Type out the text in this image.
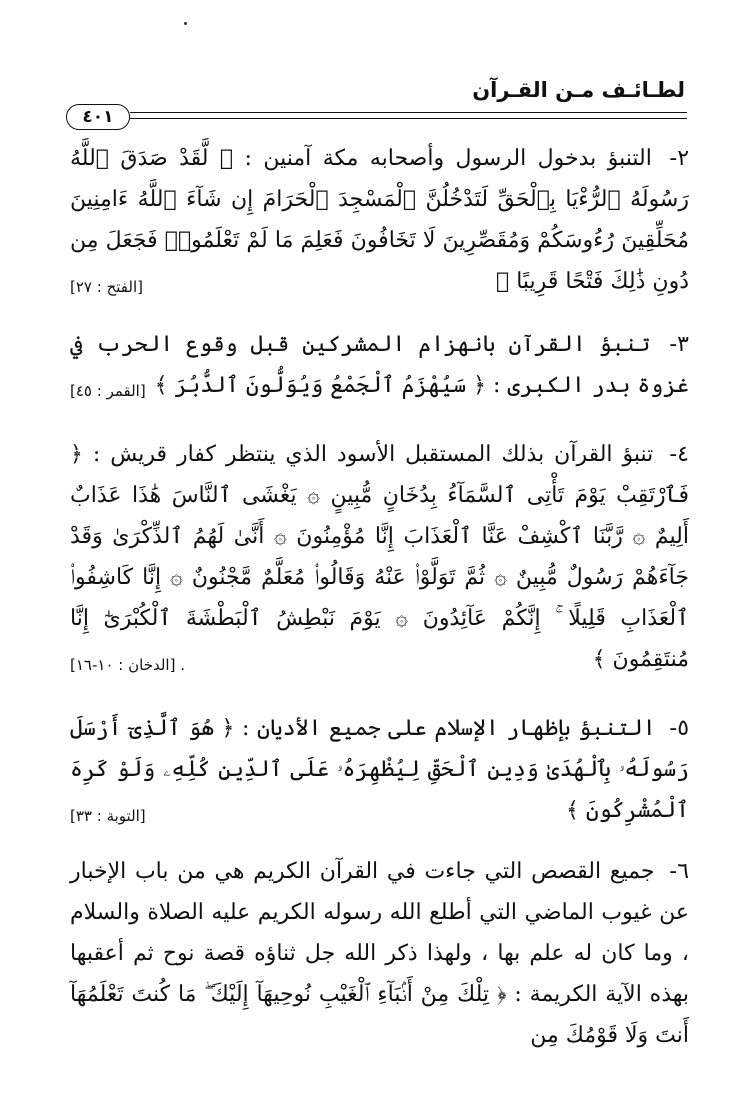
لطـائـف مـن القـرآن
٤٠١

٢- التنبؤ بدخول الرسول وأصحابه مكة آمنين : ﴿ لَّقَدْ صَدَقَ ٱللَّهُ رَسُولَهُ ٱلرُّءْيَا بِٱلْحَقِّ لَتَدْخُلُنَّ ٱلْمَسْجِدَ ٱلْحَرَامَ إِن شَآءَ ٱللَّهُ ءَامِنِينَ مُحَلِّقِينَ رُءُوسَكُمْ وَمُقَصِّرِينَ لَا تَخَافُونَ فَعَلِمَ مَا لَمْ تَعْلَمُوا۟ فَجَعَلَ مِن دُونِ ذَٰلِكَ فَتْحًا قَرِيبًا ﴾
[الفتح : ٢٧]

٣- تنبؤ القرآن بانهزام المشركين قبل وقوع الحرب في غزوة بدر الكبرى : ﴿ سَيُهْزَمُ ٱلْجَمْعُ وَيُوَلُّونَ ٱلدُّبُرَ ﴾
[القمر : ٤٥]

٤- تنبؤ القرآن بذلك المستقبل الأسود الذي ينتظر كفار قريش : ﴿ فَٱرْتَقِبْ يَوْمَ تَأْتِى ٱلسَّمَآءُ بِدُخَانٍ مُّبِينٍ ۞ يَغْشَى ٱلنَّاسَ هَٰذَا عَذَابٌ أَلِيمٌ ۞ رَّبَّنَا ٱكْشِفْ عَنَّا ٱلْعَذَابَ إِنَّا مُؤْمِنُونَ ۞ أَنَّىٰ لَهُمُ ٱلذِّكْرَىٰ وَقَدْ جَآءَهُمْ رَسُولٌ مُّبِينٌ ۞ ثُمَّ تَوَلَّوْا۟ عَنْهُ وَقَالُوا۟ مُعَلَّمٌ مَّجْنُونٌ ۞ إِنَّا كَاشِفُوا۟ ٱلْعَذَابِ قَلِيلًا ۚ إِنَّكُمْ عَآئِدُونَ ۞ يَوْمَ نَبْطِشُ ٱلْبَطْشَةَ ٱلْكُبْرَىٰٓ إِنَّا مُنتَقِمُونَ ﴾
. [الدخان : ١٠-١٦]

٥- التنبؤ بإظهار الإسلام على جميع الأديان : ﴿ هُوَ ٱلَّذِىٓ أَرْسَلَ رَسُولَهُۥ بِٱلْهُدَىٰ وَدِينِ ٱلْحَقِّ لِيُظْهِرَهُۥ عَلَى ٱلدِّينِ كُلِّهِۦ وَلَوْ كَرِهَ ٱلْمُشْرِكُونَ ﴾
[التوبة : ٣٣]

٦- جميع القصص التي جاءت في القرآن الكريم هي من باب الإخبار عن غيوب الماضي التي أطلع الله رسوله الكريم عليه الصلاة والسلام ، وما كان له علم بها ، ولهذا ذكر الله جل ثناؤه قصة نوح ثم أعقبها بهذه الآية الكريمة : ﴿ تِلْكَ مِنْ أَنۢبَآءِ ٱلْغَيْبِ نُوحِيهَآ إِلَيْكَ ۖ مَا كُنتَ تَعْلَمُهَآ أَنتَ وَلَا قَوْمُكَ مِن
